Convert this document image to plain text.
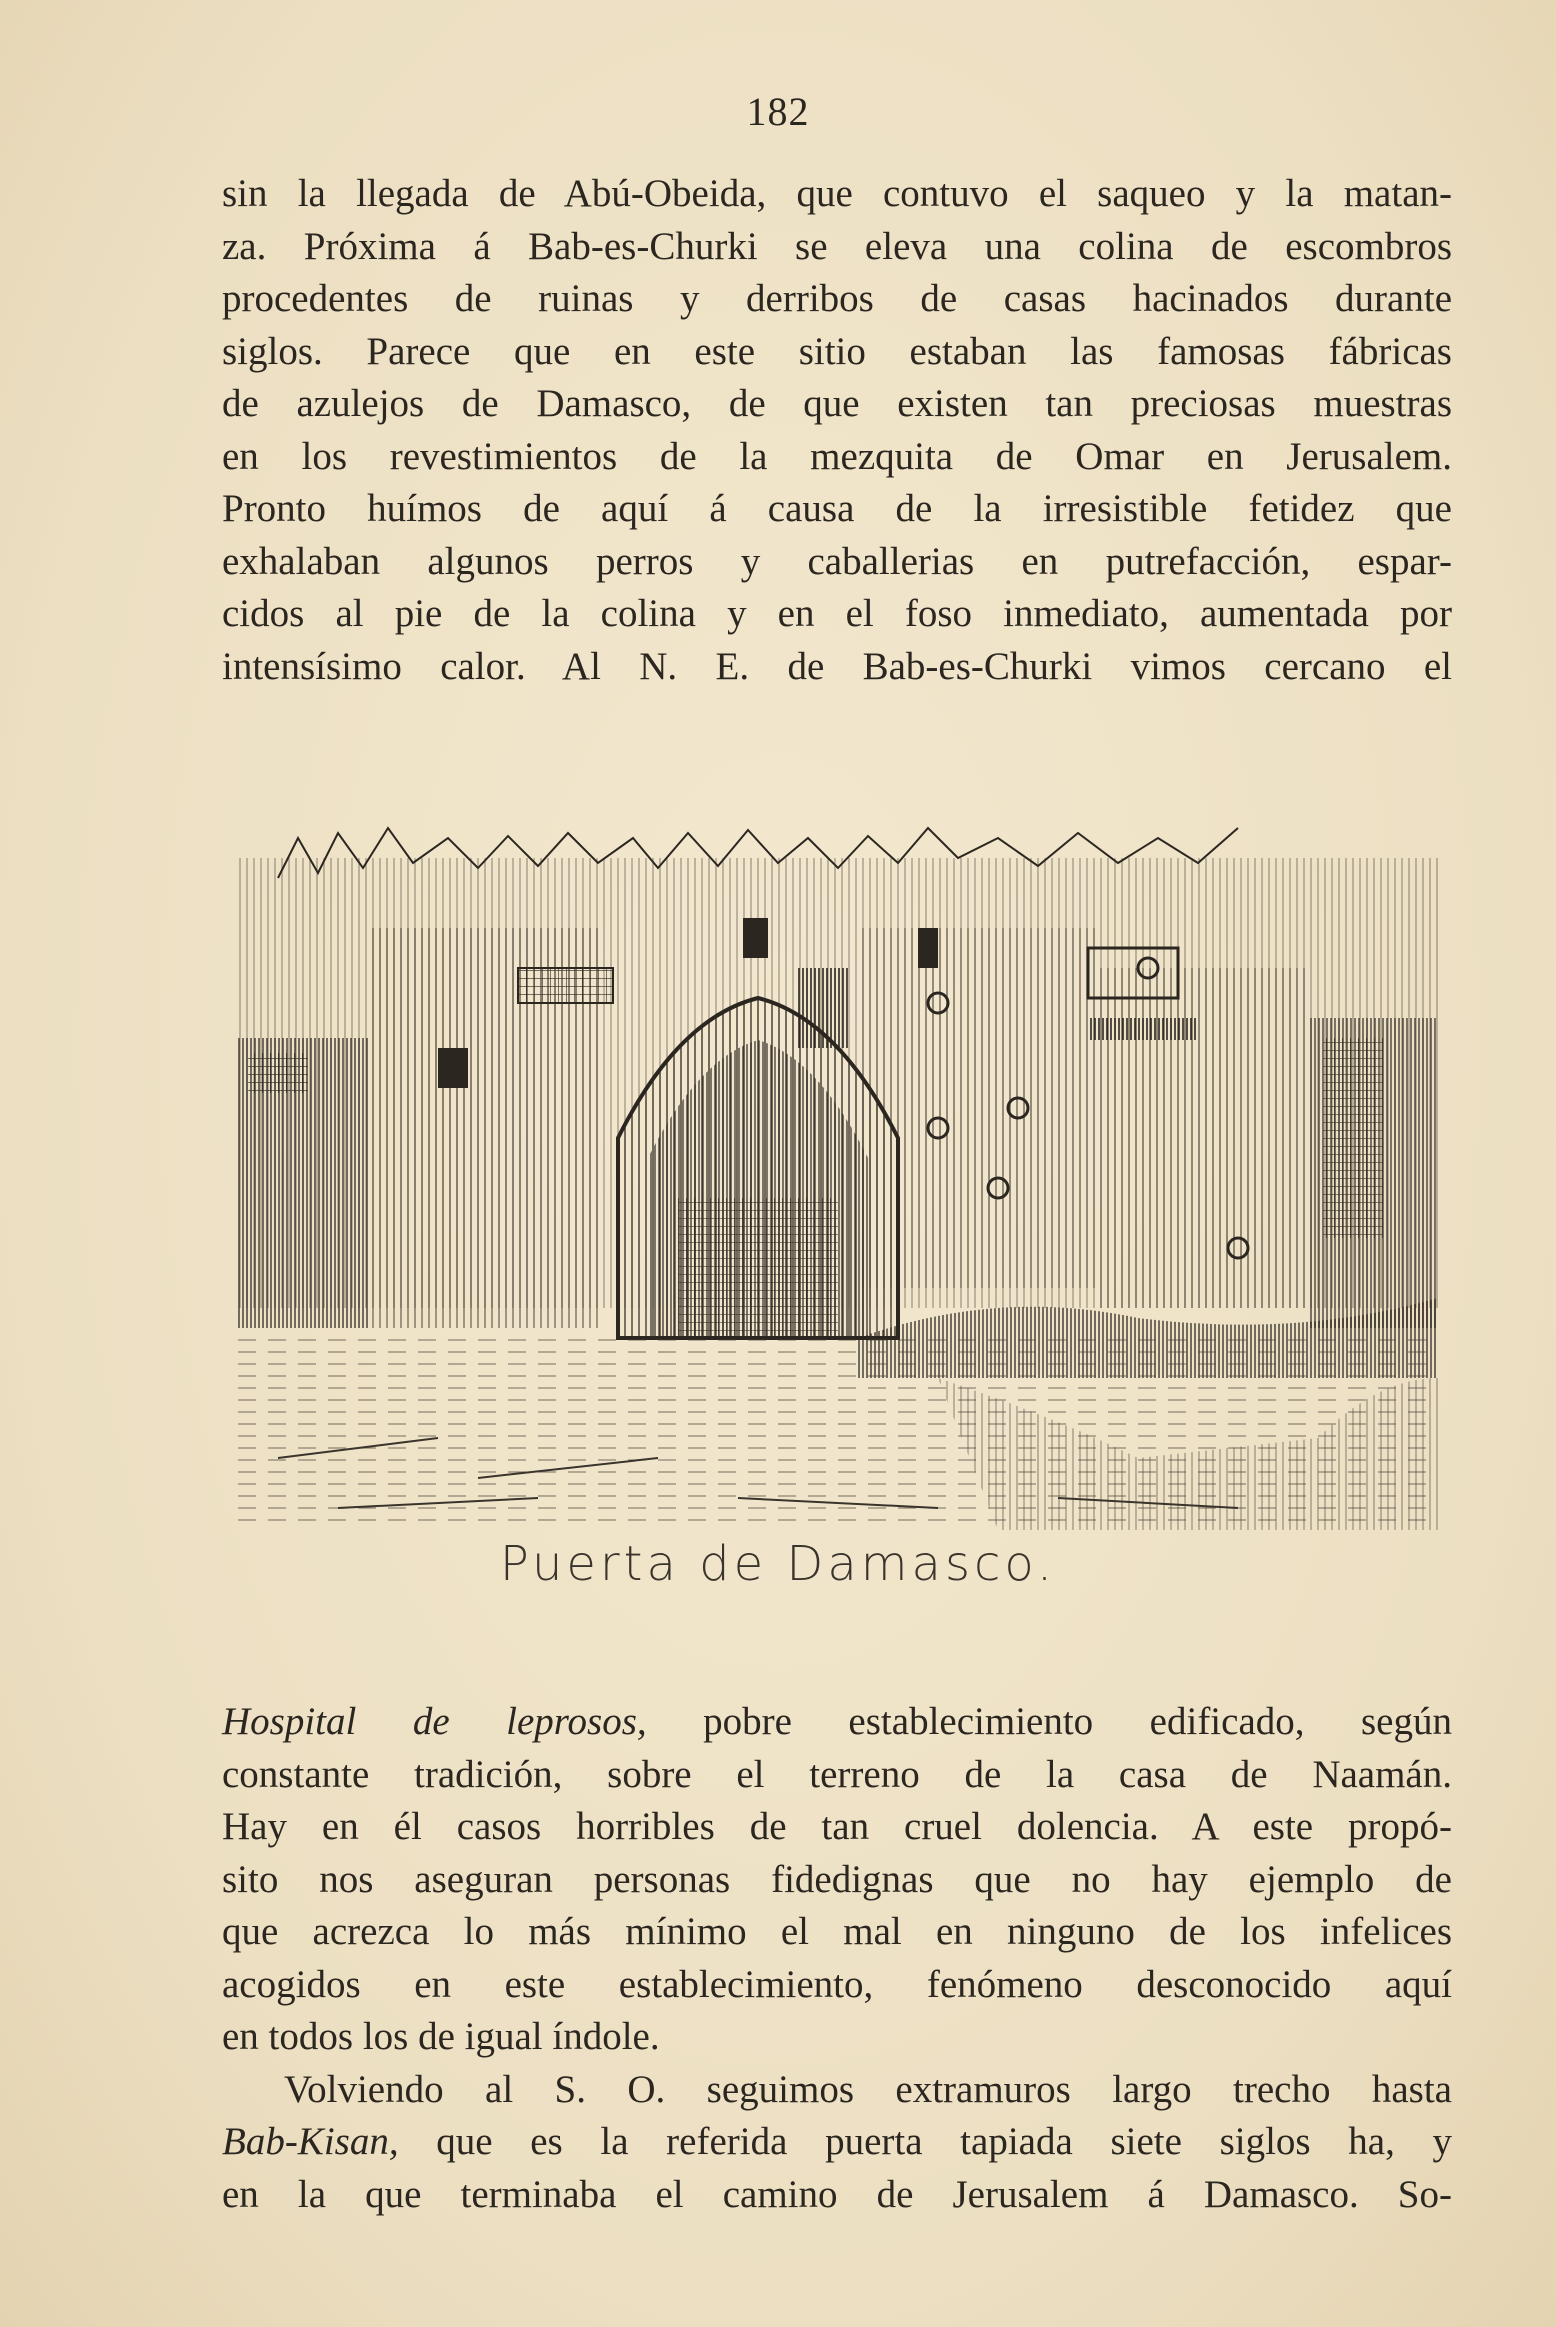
182

sin la llegada de Abú-Obeida, que contuvo el saqueo y la matan-
za. Próxima á Bab-es-Churki se eleva una colina de escombros
procedentes de ruinas y derribos de casas hacinados durante
siglos. Parece que en este sitio estaban las famosas fábricas
de azulejos de Damasco, de que existen tan preciosas muestras
en los revestimientos de la mezquita de Omar en Jerusalem.
Pronto huímos de aquí á causa de la irresistible fetidez que
exhalaban algunos perros y caballerias en putrefacción, espar-
cidos al pie de la colina y en el foso inmediato, aumentada por
intensísimo calor. Al N. E. de Bab-es-Churki vimos cercano el

Puerta de Damasco.

Hospital de leprosos, pobre establecimiento edificado, según
constante tradición, sobre el terreno de la casa de Naamán.
Hay en él casos horribles de tan cruel dolencia. A este propó-
sito nos aseguran personas fidedignas que no hay ejemplo de
que acrezca lo más mínimo el mal en ninguno de los infelices
acogidos en este establecimiento, fenómeno desconocido aquí
en todos los de igual índole.

Volviendo al S. O. seguimos extramuros largo trecho hasta
Bab-Kisan, que es la referida puerta tapiada siete siglos ha, y
en la que terminaba el camino de Jerusalem á Damasco. So-
